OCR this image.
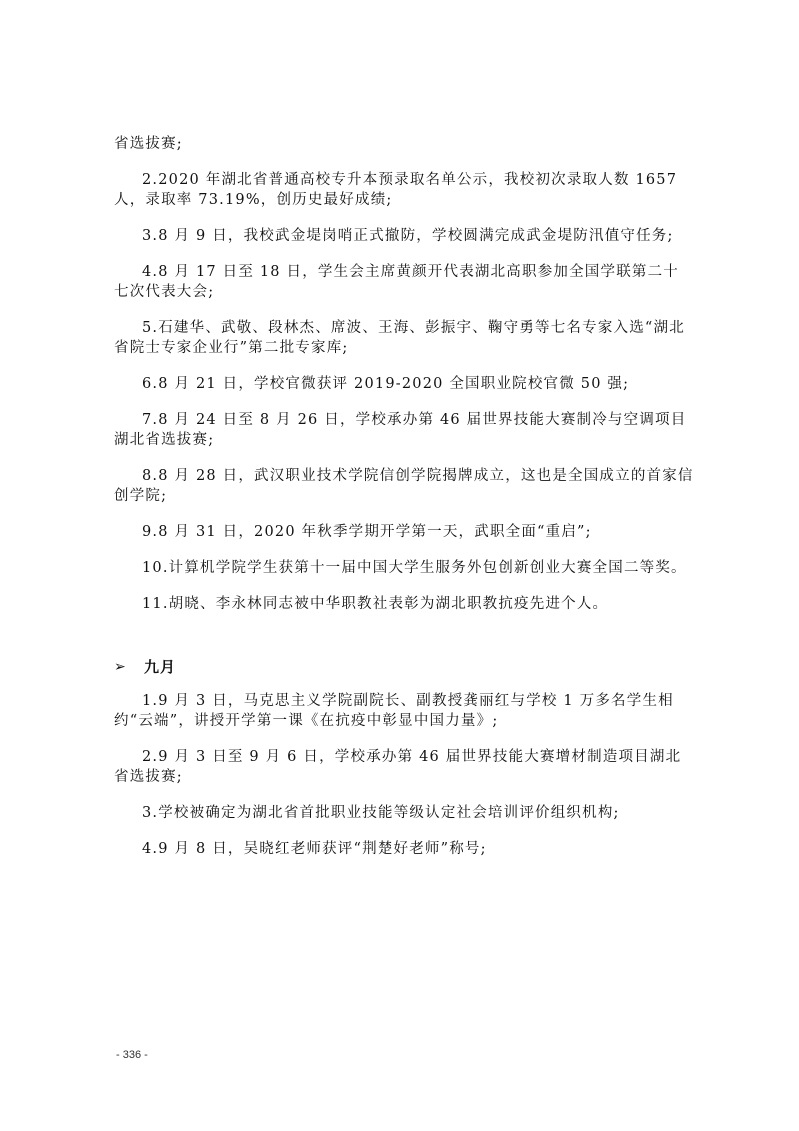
省选拔赛;

2.2020 年湖北省普通高校专升本预录取名单公示，我校初次录取人数 1657 人，录取率 73.19%，创历史最好成绩;

3.8 月 9 日，我校武金堤岗哨正式撤防，学校圆满完成武金堤防汛值守任务;

4.8 月 17 日至 18 日，学生会主席黄颜开代表湖北高职参加全国学联第二十七次代表大会;

5.石建华、武敬、段林杰、席波、王海、彭振宇、鞠守勇等七名专家入选“湖北省院士专家企业行”第二批专家库;

6.8 月 21 日，学校官微获评 2019-2020 全国职业院校官微 50 强;

7.8 月 24 日至 8 月 26 日，学校承办第 46 届世界技能大赛制冷与空调项目湖北省选拔赛;

8.8 月 28 日，武汉职业技术学院信创学院揭牌成立，这也是全国成立的首家信创学院;

9.8 月 31 日，2020 年秋季学期开学第一天，武职全面“重启”;

10.计算机学院学生获第十一届中国大学生服务外包创新创业大赛全国二等奖。

11.胡晓、李永林同志被中华职教社表彰为湖北职教抗疫先进个人。

➢	九月

1.9 月 3 日，马克思主义学院副院长、副教授龚丽红与学校 1 万多名学生相约“云端”，讲授开学第一课《在抗疫中彰显中国力量》;

2.9 月 3 日至 9 月 6 日，学校承办第 46 届世界技能大赛增材制造项目湖北省选拔赛;

3.学校被确定为湖北省首批职业技能等级认定社会培训评价组织机构;

4.9 月 8 日，吴晓红老师获评“荆楚好老师”称号;

- 336 -
